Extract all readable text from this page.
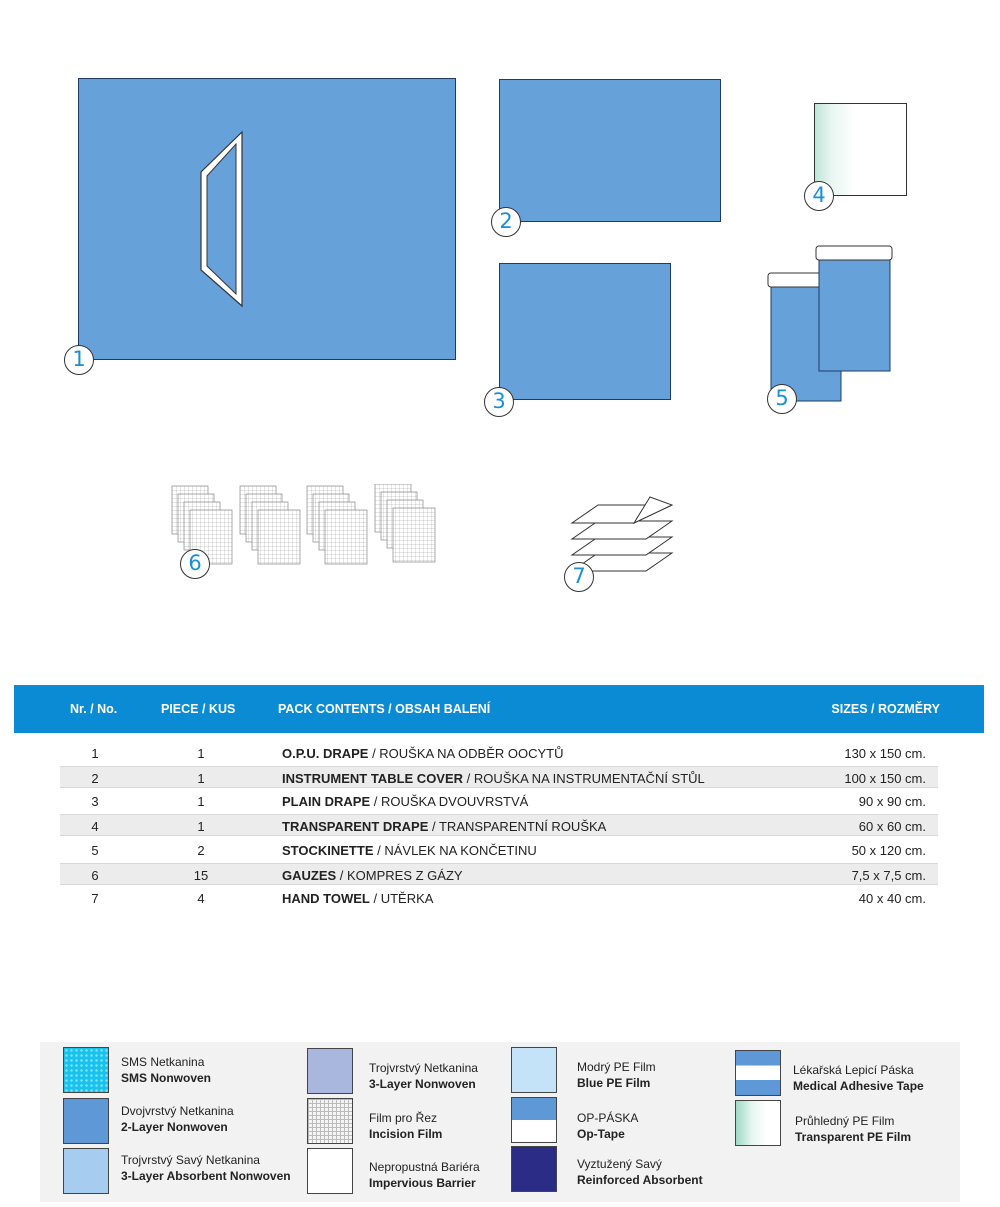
1
2
3
4
5
6
7
Nr. / No.	PIECE / KUS	PACK CONTENTS / OBSAH BALENÍ	SIZES / ROZMĚRY
1	1	O.P.U. DRAPE / ROUŠKA NA ODBĚR OOCYTŮ	130 x 150 cm.
2	1	INSTRUMENT TABLE COVER / ROUŠKA NA INSTRUMENTAČNÍ STŮL	100 x 150 cm.
3	1	PLAIN DRAPE / ROUŠKA DVOUVRSTVÁ	90 x 90 cm.
4	1	TRANSPARENT DRAPE / TRANSPARENTNÍ ROUŠKA	60 x 60 cm.
5	2	STOCKINETTE / NÁVLEK NA KONČETINU	50 x 120 cm.
6	15	GAUZES / KOMPRES Z GÁZY	7,5 x 7,5 cm.
7	4	HAND TOWEL / UTĚRKA	40 x 40 cm.
SMS Netkanina
SMS Nonwoven
Dvojvrstvý Netkanina
2-Layer Nonwoven
Trojvrstvý Savý Netkanina
3-Layer Absorbent Nonwoven
Trojvrstvý Netkanina
3-Layer Nonwoven
Film pro Řez
Incision Film
Nepropustná Bariéra
Impervious Barrier
Modrý PE Film
Blue PE Film
OP-PÁSKA
Op-Tape
Vyztužený Savý
Reinforced Absorbent
Lékařská Lepicí Páska
Medical Adhesive Tape
Průhledný PE Film
Transparent PE Film
